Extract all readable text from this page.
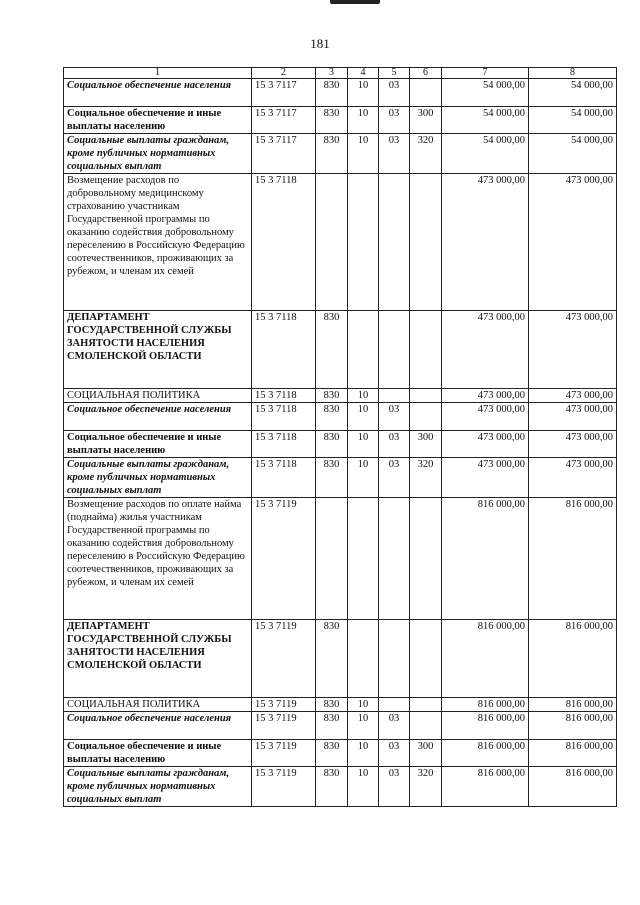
181
1	2	3	4	5	6	7	8
Социальное обеспечение населения	15 3 7117	830	10	03		54 000,00	54 000,00
Социальное обеспечение и иные выплаты населению	15 3 7117	830	10	03	300	54 000,00	54 000,00
Социальные выплаты гражданам, кроме публичных нормативных социальных выплат	15 3 7117	830	10	03	320	54 000,00	54 000,00
Возмещение расходов по добровольному медицинскому страхованию участникам Государственной программы по оказанию содействия добровольному переселению в Российскую Федерацию соотечественников, проживающих за рубежом, и членам их семей	15 3 7118					473 000,00	473 000,00
ДЕПАРТАМЕНТ ГОСУДАРСТВЕННОЙ СЛУЖБЫ ЗАНЯТОСТИ НАСЕЛЕНИЯ СМОЛЕНСКОЙ ОБЛАСТИ	15 3 7118	830				473 000,00	473 000,00
СОЦИАЛЬНАЯ ПОЛИТИКА	15 3 7118	830	10			473 000,00	473 000,00
Социальное обеспечение населения	15 3 7118	830	10	03		473 000,00	473 000,00
Социальное обеспечение и иные выплаты населению	15 3 7118	830	10	03	300	473 000,00	473 000,00
Социальные выплаты гражданам, кроме публичных нормативных социальных выплат	15 3 7118	830	10	03	320	473 000,00	473 000,00
Возмещение расходов по оплате найма (поднайма) жилья участникам Государственной программы по оказанию содействия добровольному переселению в Российскую Федерацию соотечественников, проживающих за рубежом, и членам их семей	15 3 7119					816 000,00	816 000,00
ДЕПАРТАМЕНТ ГОСУДАРСТВЕННОЙ СЛУЖБЫ ЗАНЯТОСТИ НАСЕЛЕНИЯ СМОЛЕНСКОЙ ОБЛАСТИ	15 3 7119	830				816 000,00	816 000,00
СОЦИАЛЬНАЯ ПОЛИТИКА	15 3 7119	830	10			816 000,00	816 000,00
Социальное обеспечение населения	15 3 7119	830	10	03		816 000,00	816 000,00
Социальное обеспечение и иные выплаты населению	15 3 7119	830	10	03	300	816 000,00	816 000,00
Социальные выплаты гражданам, кроме публичных нормативных социальных выплат	15 3 7119	830	10	03	320	816 000,00	816 000,00
